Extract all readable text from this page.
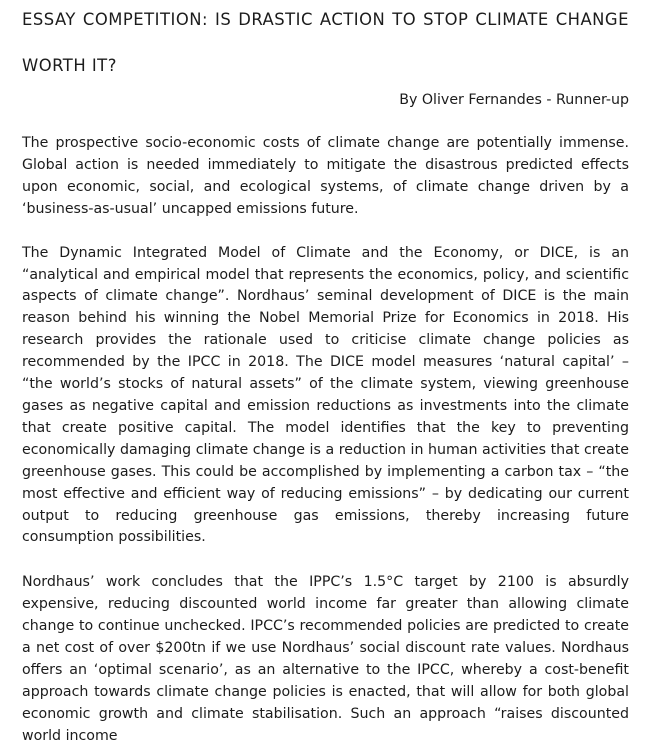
ESSAY COMPETITION: IS DRASTIC ACTION TO STOP CLIMATE CHANGE
WORTH IT?

By Oliver Fernandes - Runner-up

The prospective socio-economic costs of climate change are potentially immense. Global action is needed immediately to mitigate the disastrous predicted effects upon economic, social, and ecological systems, of climate change driven by a ‘business-as-usual’ uncapped emissions future.

The Dynamic Integrated Model of Climate and the Economy, or DICE, is an “analytical and empirical model that represents the economics, policy, and scientific aspects of climate change”. Nordhaus’ seminal development of DICE is the main reason behind his winning the Nobel Memorial Prize for Economics in 2018. His research provides the rationale used to criticise climate change policies as recommended by the IPCC in 2018. The DICE model measures ‘natural capital’ – “the world’s stocks of natural assets” of the climate system, viewing greenhouse gases as negative capital and emission reductions as investments into the climate that create positive capital. The model identifies that the key to preventing economically damaging climate change is a reduction in human activities that create greenhouse gases. This could be accomplished by implementing a carbon tax – “the most effective and efficient way of reducing emissions” – by dedicating our current output to reducing greenhouse gas emissions, thereby increasing future consumption possibilities.

Nordhaus’ work concludes that the IPPC’s 1.5°C target by 2100 is absurdly expensive, reducing discounted world income far greater than allowing climate change to continue unchecked. IPCC’s recommended policies are predicted to create a net cost of over $200tn if we use Nordhaus’ social discount rate values. Nordhaus offers an ‘optimal scenario’, as an alternative to the IPCC, whereby a cost-benefit approach towards climate change policies is enacted, that will allow for both global economic growth and climate stabilisation. Such an approach “raises discounted world income
